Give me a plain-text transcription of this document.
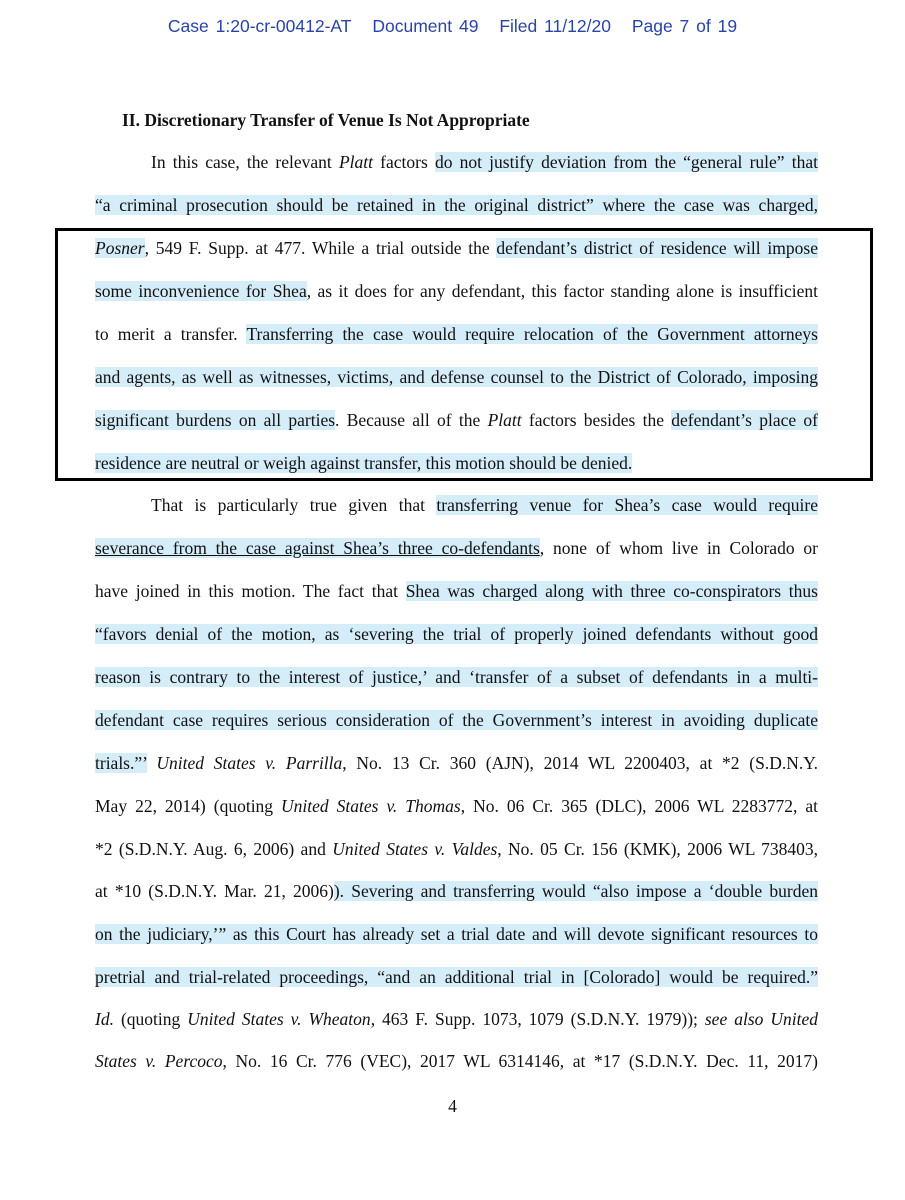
Case 1:20-cr-00412-AT Document 49 Filed 11/12/20 Page 7 of 19
II. Discretionary Transfer of Venue Is Not Appropriate
In this case, the relevant Platt factors do not justify deviation from the “general rule” that
“a criminal prosecution should be retained in the original district” where the case was charged,
Posner, 549 F. Supp. at 477. While a trial outside the defendant’s district of residence will impose
some inconvenience for Shea, as it does for any defendant, this factor standing alone is insufficient
to merit a transfer. Transferring the case would require relocation of the Government attorneys
and agents, as well as witnesses, victims, and defense counsel to the District of Colorado, imposing
significant burdens on all parties. Because all of the Platt factors besides the defendant’s place of
residence are neutral or weigh against transfer, this motion should be denied.
That is particularly true given that transferring venue for Shea’s case would require
severance from the case against Shea’s three co-defendants, none of whom live in Colorado or
have joined in this motion. The fact that Shea was charged along with three co-conspirators thus
“favors denial of the motion, as ‘severing the trial of properly joined defendants without good
reason is contrary to the interest of justice,’ and ‘transfer of a subset of defendants in a multi-
defendant case requires serious consideration of the Government’s interest in avoiding duplicate
trials.”’ United States v. Parrilla, No. 13 Cr. 360 (AJN), 2014 WL 2200403, at *2 (S.D.N.Y.
May 22, 2014) (quoting United States v. Thomas, No. 06 Cr. 365 (DLC), 2006 WL 2283772, at
*2 (S.D.N.Y. Aug. 6, 2006) and United States v. Valdes, No. 05 Cr. 156 (KMK), 2006 WL 738403,
at *10 (S.D.N.Y. Mar. 21, 2006)). Severing and transferring would “also impose a ‘double burden
on the judiciary,’” as this Court has already set a trial date and will devote significant resources to
pretrial and trial-related proceedings, “and an additional trial in [Colorado] would be required.”
Id. (quoting United States v. Wheaton, 463 F. Supp. 1073, 1079 (S.D.N.Y. 1979)); see also United
States v. Percoco, No. 16 Cr. 776 (VEC), 2017 WL 6314146, at *17 (S.D.N.Y. Dec. 11, 2017)
4
